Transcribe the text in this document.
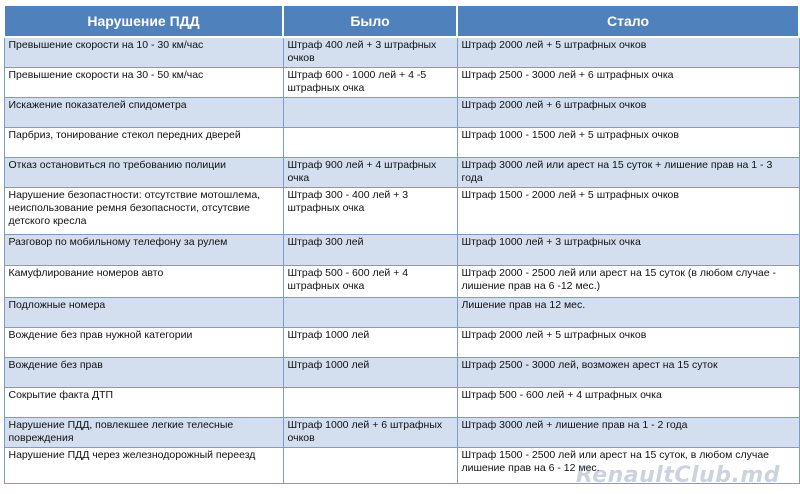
Нарушение ПДД	Было	Стало
Превышение скорости на 10 - 30 км/час	Штраф 400 лей + 3 штрафных очков	Штраф 2000 лей + 5 штрафных очков
Превышение скорости на 30 - 50 км/час	Штраф 600 - 1000 лей + 4 -5 штрафных очка	Штраф 2500 - 3000 лей + 6 штрафных очка
Искажение показателей спидометра		Штраф 2000 лей + 6 штрафных очков
Парбриз, тонирование стекол передних дверей		Штраф 1000 - 1500 лей + 5 штрафных очков
Отказ остановиться по требованию полиции	Штраф 900 лей + 4 штрафных очка	Штраф 3000 лей или арест на 15 суток + лишение прав на 1 - 3 года
Нарушение безопастности: отсутствие мотошлема, неиспользование ремня безопасности, отсутсвие детского кресла	Штраф 300 - 400 лей + 3 штрафных очка	Штраф 1500 - 2000 лей + 5 штрафных очков
Разговор по мобильному телефону за рулем	Штраф 300 лей	Штраф 1000 лей + 3 штрафных очка
Камуфлирование номеров авто	Штраф 500 - 600 лей + 4 штрафных очка	Штраф 2000 - 2500 лей или арест на 15 суток (в любом случае - лишение прав на 6 -12 мес.)
Подложные номера		Лишение прав на 12 мес.
Вождение без прав нужной категории	Штраф 1000 лей	Штраф 2000 лей + 5 штрафных очков
Вождение без прав	Штраф 1000 лей	Штраф 2500 - 3000 лей, возможен арест на 15 суток
Сокрытие факта ДТП		Штраф 500 - 600 лей + 4 штрафных очка
Нарушение ПДД, повлекшее легкие телесные повреждения	Штраф 1000 лей + 6 штрафных очков	Штраф 3000 лей + лишение прав на 1 - 2 года
Нарушение ПДД через железнодорожный переезд		Штраф 1500 - 2500 лей или арест на 15 суток, в любом случае лишение прав на 6 - 12 мес.
RenaultClub.md
